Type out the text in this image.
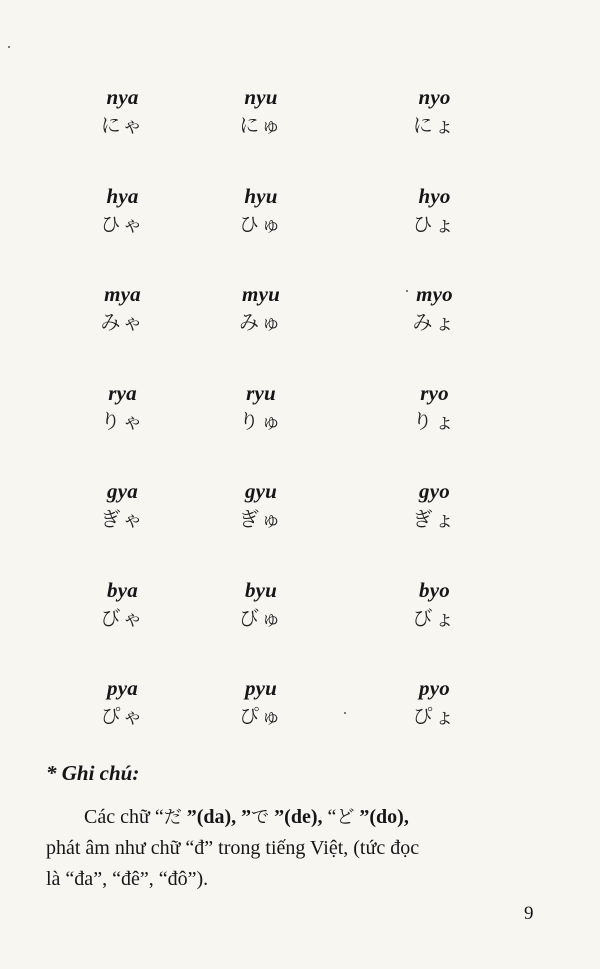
nya
にゃ
nyu
にゅ
nyo
にょ
hya
ひゃ
hyu
ひゅ
hyo
ひょ
mya
みゃ
myu
みゅ
myo
みょ
rya
りゃ
ryu
りゅ
ryo
りょ
gya
ぎゃ
gyu
ぎゅ
gyo
ぎょ
bya
びゃ
byu
びゅ
byo
びょ
pya
ぴゃ
pyu
ぴゅ
pyo
ぴょ
* Ghi chú:
Các chữ “だ ”(da), ”で ”(de), “ど ”(do),
phát âm như chữ “đ” trong tiếng Việt, (tức đọc
là “đa”, “đê”, “đô”).
9
